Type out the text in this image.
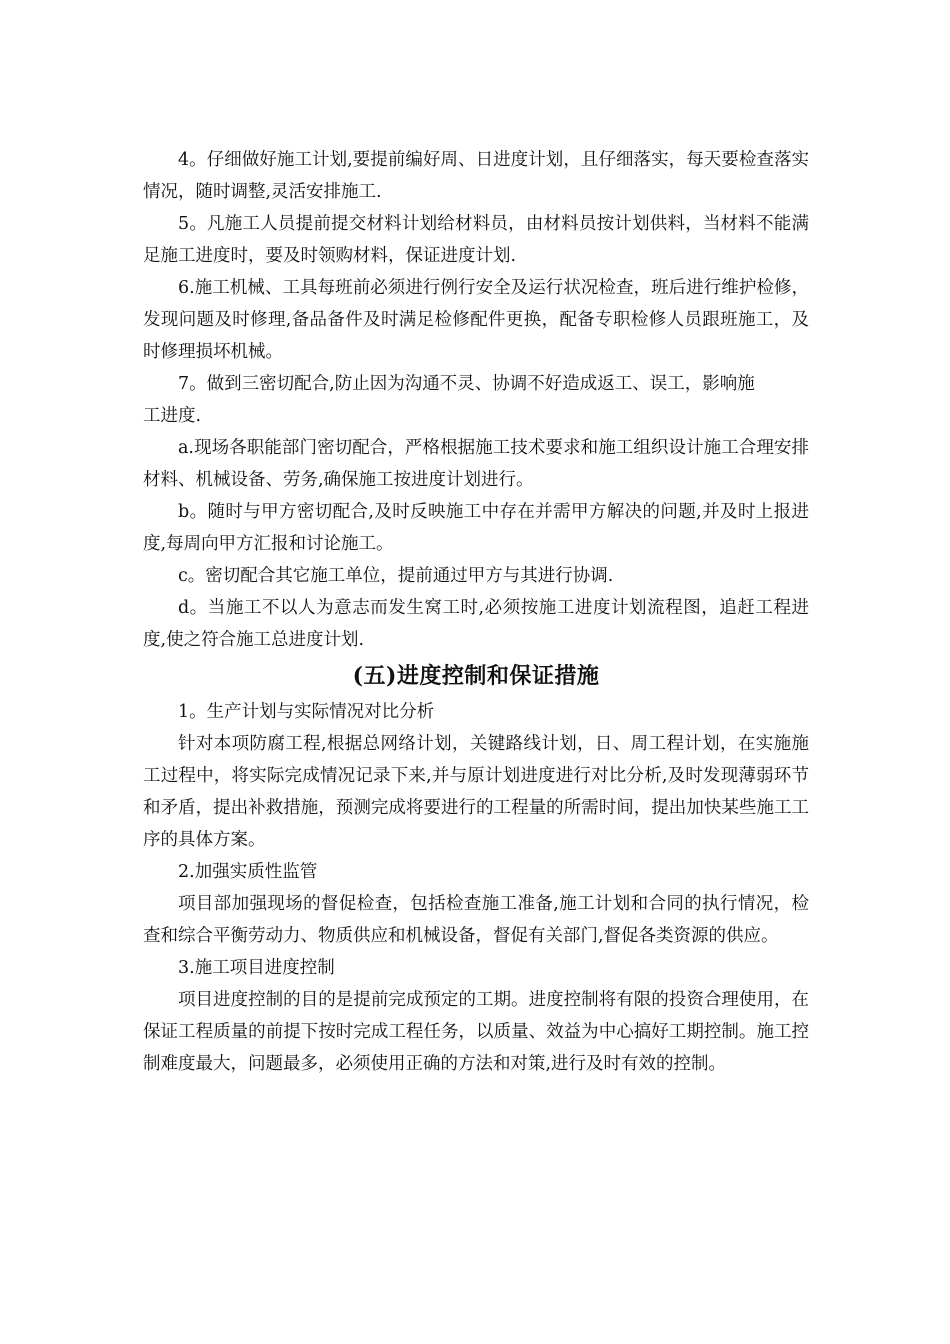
4。仔细做好施工计划,要提前编好周、日进度计划，且仔细落实，每天要检查落实情况，随时调整,灵活安排施工.

5。凡施工人员提前提交材料计划给材料员，由材料员按计划供料，当材料不能满足施工进度时，要及时领购材料，保证进度计划.

6.施工机械、工具每班前必须进行例行安全及运行状况检查，班后进行维护检修，发现问题及时修理,备品备件及时满足检修配件更换，配备专职检修人员跟班施工，及时修理损坏机械。

7。做到三密切配合,防止因为沟通不灵、协调不好造成返工、误工，影响施

工进度.

a.现场各职能部门密切配合，严格根据施工技术要求和施工组织设计施工合理安排材料、机械设备、劳务,确保施工按进度计划进行。

b。随时与甲方密切配合,及时反映施工中存在并需甲方解决的问题,并及时上报进度,每周向甲方汇报和讨论施工。

c。密切配合其它施工单位，提前通过甲方与其进行协调.

d。当施工不以人为意志而发生窝工时,必须按施工进度计划流程图，追赶工程进度,使之符合施工总进度计划.

(五)进度控制和保证措施

1。生产计划与实际情况对比分析

针对本项防腐工程,根据总网络计划，关键路线计划，日、周工程计划，在实施施工过程中，将实际完成情况记录下来,并与原计划进度进行对比分析,及时发现薄弱环节和矛盾，提出补救措施，预测完成将要进行的工程量的所需时间，提出加快某些施工工序的具体方案。

2.加强实质性监管

项目部加强现场的督促检查，包括检查施工准备,施工计划和合同的执行情况，检查和综合平衡劳动力、物质供应和机械设备，督促有关部门,督促各类资源的供应。

3.施工项目进度控制

项目进度控制的目的是提前完成预定的工期。进度控制将有限的投资合理使用，在保证工程质量的前提下按时完成工程任务，以质量、效益为中心搞好工期控制。施工控制难度最大，问题最多，必须使用正确的方法和对策,进行及时有效的控制。
